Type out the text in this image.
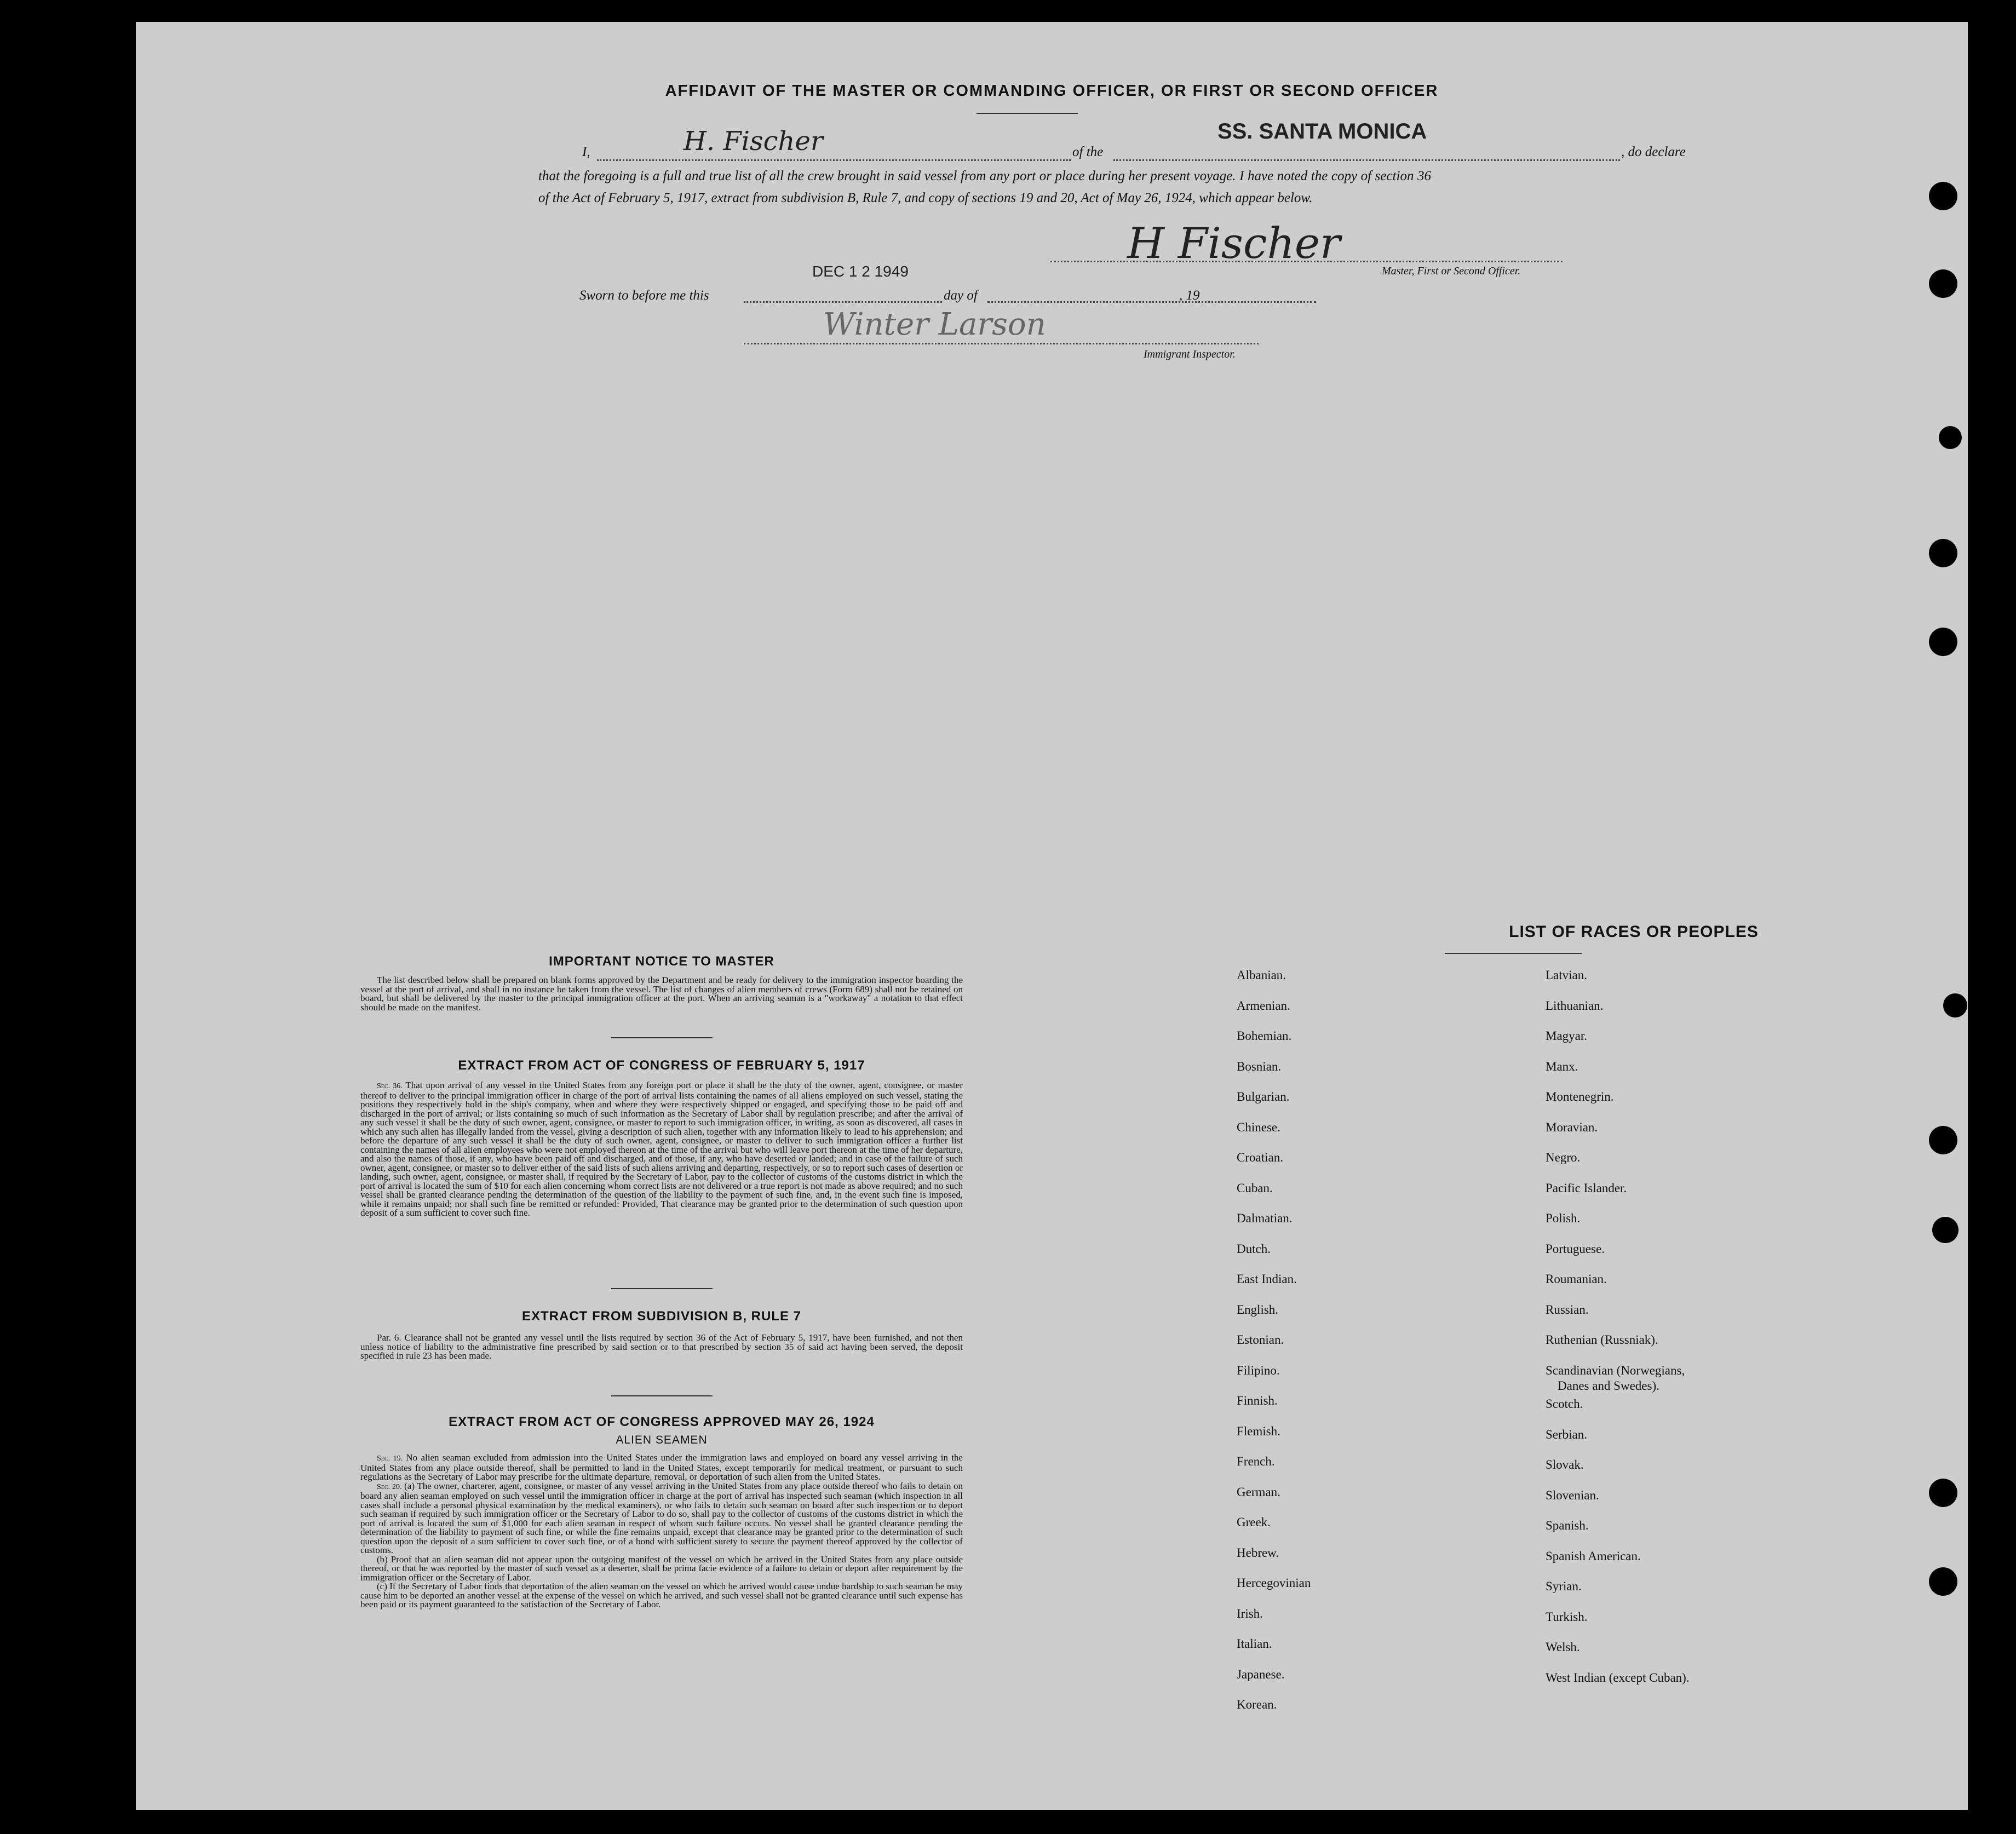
AFFIDAVIT OF THE MASTER OR COMMANDING OFFICER, OR FIRST OR SECOND OFFICER
I,	H. Fischer	of the
SS. SANTA MONICA
, do declare
that the foregoing is a full and true list of all the crew brought in said vessel from any port or place during her present voyage. I have noted the copy of section 36 of the Act of February 5, 1917, extract from subdivision B, Rule 7, and copy of sections 19 and 20, Act of May 26, 1924, which appear below.
H Fischer
Master, First or Second Officer.
Sworn to before me this
DEC 1 2 1949
day of	, 19
Winter Larson
Immigrant Inspector.
IMPORTANT NOTICE TO MASTER

The list described below shall be prepared on blank forms approved by the Department and be ready for delivery to the immigration inspector boarding the vessel at the port of arrival, and shall in no instance be taken from the vessel. The list of changes of alien members of crews (Form 689) shall not be retained on board, but shall be delivered by the master to the principal immigration officer at the port. When an arriving seaman is a "workaway" a notation to that effect should be made on the manifest.

EXTRACT FROM ACT OF CONGRESS OF FEBRUARY 5, 1917

Sec. 36. That upon arrival of any vessel in the United States from any foreign port or place it shall be the duty of the owner, agent, consignee, or master thereof to deliver to the principal immigration officer in charge of the port of arrival lists containing the names of all aliens employed on such vessel, stating the positions they respectively hold in the ship's company, when and where they were respectively shipped or engaged, and specifying those to be paid off and discharged in the port of arrival; or lists containing so much of such information as the Secretary of Labor shall by regulation prescribe; and after the arrival of any such vessel it shall be the duty of such owner, agent, consignee, or master to report to such immigration officer, in writing, as soon as discovered, all cases in which any such alien has illegally landed from the vessel, giving a description of such alien, together with any information likely to lead to his apprehension; and before the departure of any such vessel it shall be the duty of such owner, agent, consignee, or master to deliver to such immigration officer a further list containing the names of all alien employees who were not employed thereon at the time of the arrival but who will leave port thereon at the time of her departure, and also the names of those, if any, who have been paid off and discharged, and of those, if any, who have deserted or landed; and in case of the failure of such owner, agent, consignee, or master so to deliver either of the said lists of such aliens arriving and departing, respectively, or so to report such cases of desertion or landing, such owner, agent, consignee, or master shall, if required by the Secretary of Labor, pay to the collector of customs of the customs district in which the port of arrival is located the sum of $10 for each alien concerning whom correct lists are not delivered or a true report is not made as above required; and no such vessel shall be granted clearance pending the determination of the question of the liability to the payment of such fine, and, in the event such fine is imposed, while it remains unpaid; nor shall such fine be remitted or refunded: Provided, That clearance may be granted prior to the determination of such question upon deposit of a sum sufficient to cover such fine.

EXTRACT FROM SUBDIVISION B, RULE 7

Par. 6. Clearance shall not be granted any vessel until the lists required by section 36 of the Act of February 5, 1917, have been furnished, and not then unless notice of liability to the administrative fine prescribed by said section or to that prescribed by section 35 of said act having been served, the deposit specified in rule 23 has been made.

EXTRACT FROM ACT OF CONGRESS APPROVED MAY 26, 1924
ALIEN SEAMEN

Sec. 19. No alien seaman excluded from admission into the United States under the immigration laws and employed on board any vessel arriving in the United States from any place outside thereof, shall be permitted to land in the United States, except temporarily for medical treatment, or pursuant to such regulations as the Secretary of Labor may prescribe for the ultimate departure, removal, or deportation of such alien from the United States.

Sec. 20. (a) The owner, charterer, agent, consignee, or master of any vessel arriving in the United States from any place outside thereof who fails to detain on board any alien seaman employed on such vessel until the immigration officer in charge at the port of arrival has inspected such seaman (which inspection in all cases shall include a personal physical examination by the medical examiners), or who fails to detain such seaman on board after such inspection or to deport such seaman if required by such immigration officer or the Secretary of Labor to do so, shall pay to the collector of customs of the customs district in which the port of arrival is located the sum of $1,000 for each alien seaman in respect of whom such failure occurs. No vessel shall be granted clearance pending the determination of the liability to payment of such fine, or while the fine remains unpaid, except that clearance may be granted prior to the determination of such question upon the deposit of a sum sufficient to cover such fine, or of a bond with sufficient surety to secure the payment thereof approved by the collector of customs.

(b) Proof that an alien seaman did not appear upon the outgoing manifest of the vessel on which he arrived in the United States from any place outside thereof, or that he was reported by the master of such vessel as a deserter, shall be prima facie evidence of a failure to detain or deport after requirement by the immigration officer or the Secretary of Labor.

(c) If the Secretary of Labor finds that deportation of the alien seaman on the vessel on which he arrived would cause undue hardship to such seaman he may cause him to be deported an another vessel at the expense of the vessel on which he arrived, and such vessel shall not be granted clearance until such expense has been paid or its payment guaranteed to the satisfaction of the Secretary of Labor.

LIST OF RACES OR PEOPLES
Albanian.
Armenian.
Bohemian.
Bosnian.
Bulgarian.
Chinese.
Croatian.
Cuban.
Dalmatian.
Dutch.
East Indian.
English.
Estonian.
Filipino.
Finnish.
Flemish.
French.
German.
Greek.
Hebrew.
Hercegovinian
Irish.
Italian.
Japanese.
Korean.
Latvian.
Lithuanian.
Magyar.
Manx.
Montenegrin.
Moravian.
Negro.
Pacific Islander.
Polish.
Portuguese.
Roumanian.
Russian.
Ruthenian (Russniak).
Scandinavian (Norwegians,
Danes and Swedes).
Scotch.
Serbian.
Slovak.
Slovenian.
Spanish.
Spanish American.
Syrian.
Turkish.
Welsh.
West Indian (except Cuban).
